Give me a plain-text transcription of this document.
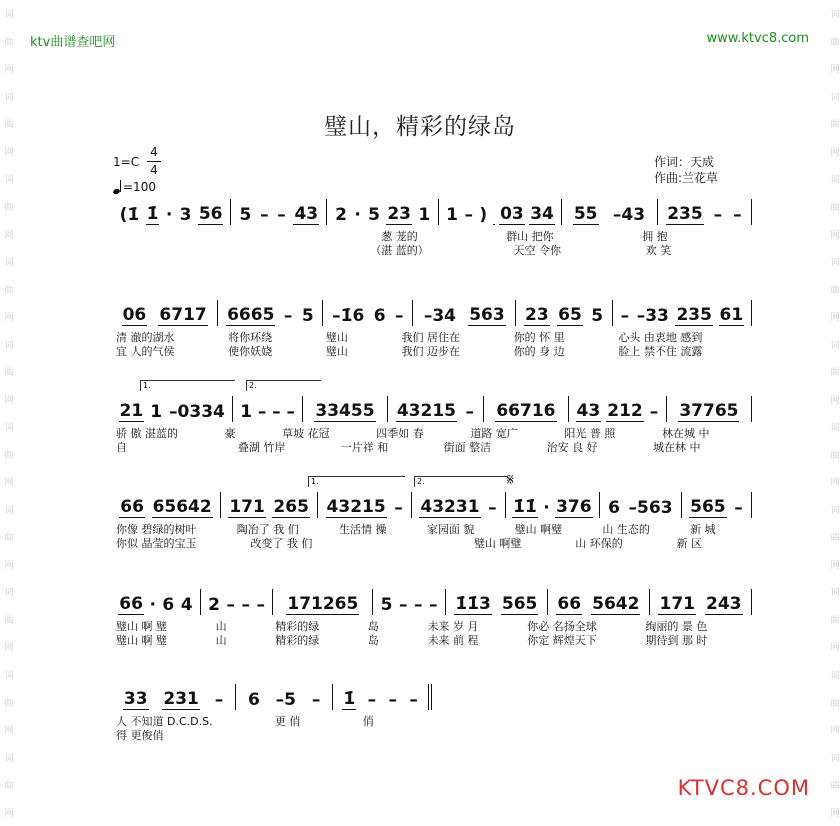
词
曲
网
词
曲
网
词
曲
网
词
曲
网
词
曲
网
词
曲
网
词
曲
网
词
曲
网
词
曲
网
词
曲
网
词
曲
网
词
曲
网
词
曲
网
词
曲
网
词
曲
网
词
曲
网
词
曲
网
词
曲
网
词
曲
网
词
曲
网
ktv曲谱查吧网	www.ktvc8.com
璧山，精彩的绿岛
1=C
4
4
=100
作词：天成
作曲:兰花草
(1̇ 1̇ · 3 56 5 – – 43 2 · 5 23 1 1 – ) 03 34 55 –43 235 – –
葱 茏的	群山 把你	拥 抱
（湛 蓝的）	天空 令你	欢 笑
06 6717 6665 – 5 –1̇6 6 – –34 563 23 65 5 – –33 235 61
清 澈的湖水	将你环绕	璧山	我们 居住在	你的 怀 里	心头 由衷地 感到
宜 人的气侯	使你妖娆	璧山	我们 迈步在	你的 身 边	脸上 禁不住 流露
21 1 –0334 1 – – – 33455 43215 – 66716 43 212 – 37765
骄 傲 湛蓝的	豪	草坡 花冠	四季如 春	道路 宽广	阳光 普 照	林在城 中
自	叠湖 竹岸	一片祥 和	街面 整洁	治安 良 好	城在林 中
1.	2.
66 65642 171 265 43215 – 43231 – 1̇1̇ · 376 6 –563 565 –
你像 碧绿的树叶	陶冶了 我 们	生活情 操	家园面 貌	璧山 啊璧	山 生态的	新 城
你似 晶莹的宝玉	改变了 我 们	璧山 啊璧	山 环保的	新 区
1.	2.	𝄋
66 · 6 4 2 – – – 171265 5 – – – 1̇1̇3 565 66 5642 171 243
璧山 啊 璧	山	精彩的绿	岛	未来 岁 月	你必 名扬全球	绚丽的 景 色
璧山 啊 璧	山	精彩的绿	岛	未来 前 程	你定 辉煌天下	期待到 那 时
33 231 – 6 –5 – 1̇ – – –
人 不知道 D.C.D.S.	更 俏	俏
得 更俊俏
KTVC8.COM
